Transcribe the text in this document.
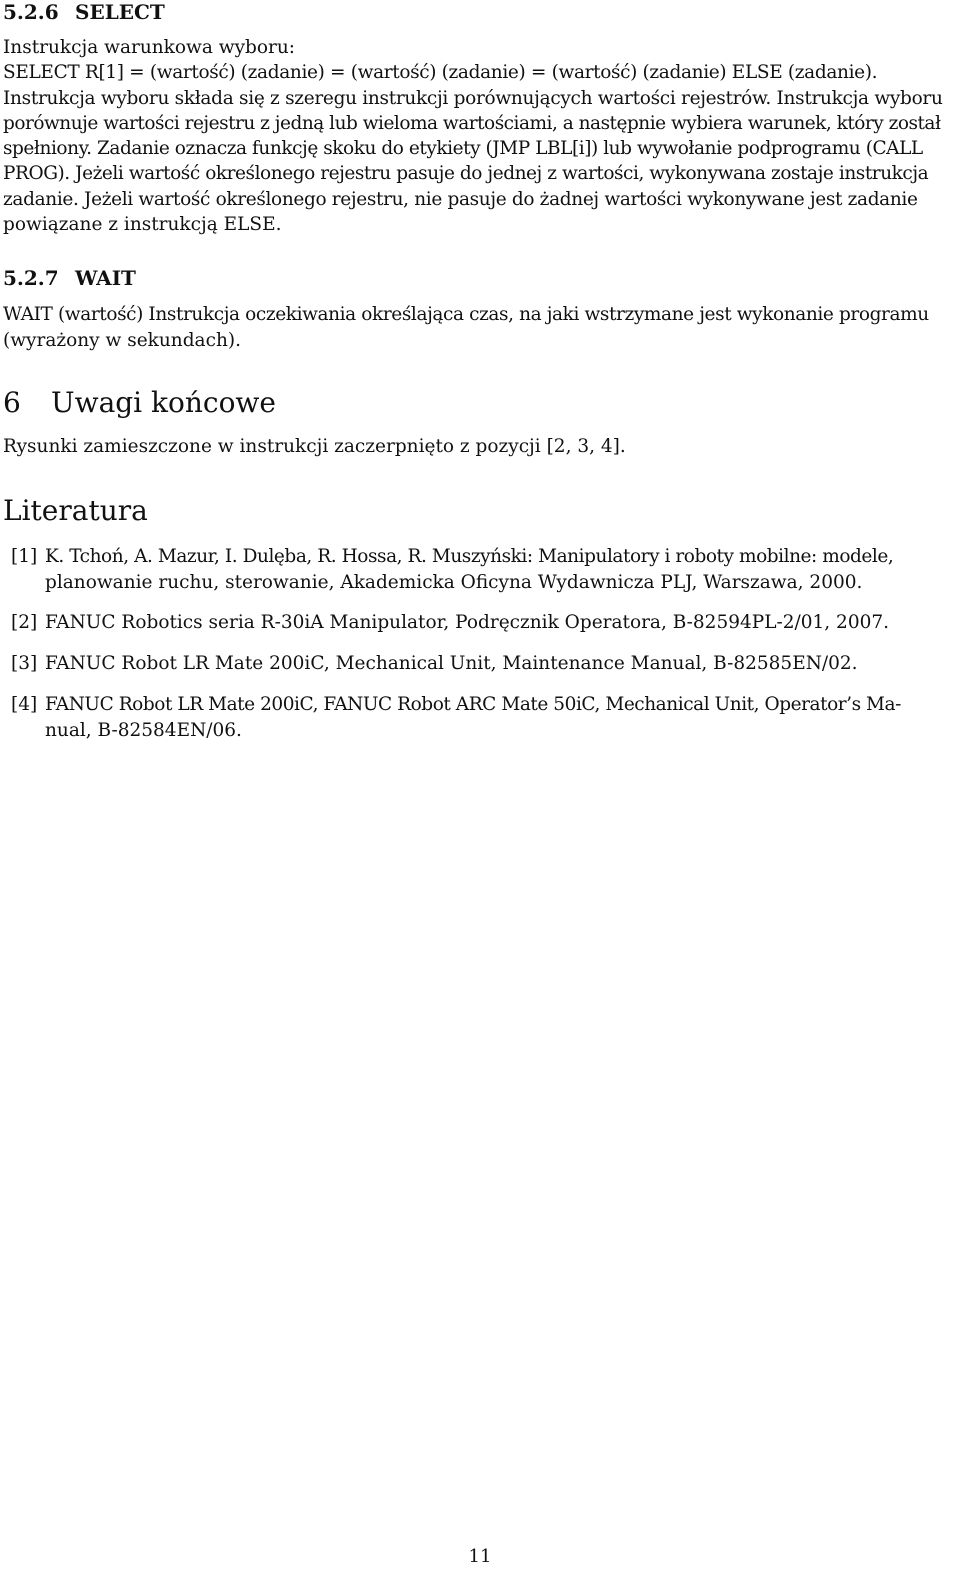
5.2.6 SELECT
Instrukcja warunkowa wyboru:
SELECT R[1] = (wartość) (zadanie) = (wartość) (zadanie) = (wartość) (zadanie) ELSE (zadanie).
Instrukcja wyboru składa się z szeregu instrukcji porównujących wartości rejestrów. Instrukcja wyboru
porównuje wartości rejestru z jedną lub wieloma wartościami, a następnie wybiera warunek, który został
spełniony. Zadanie oznacza funkcję skoku do etykiety (JMP LBL[i]) lub wywołanie podprogramu (CALL
PROG). Jeżeli wartość określonego rejestru pasuje do jednej z wartości, wykonywana zostaje instrukcja
zadanie. Jeżeli wartość określonego rejestru, nie pasuje do żadnej wartości wykonywane jest zadanie
powiązane z instrukcją ELSE.
5.2.7 WAIT
WAIT (wartość) Instrukcja oczekiwania określająca czas, na jaki wstrzymane jest wykonanie programu
(wyrażony w sekundach).
6 Uwagi końcowe
Rysunki zamieszczone w instrukcji zaczerpnięto z pozycji [2, 3, 4].
Literatura
[1] K. Tchoń, A. Mazur, I. Dulęba, R. Hossa, R. Muszyński: Manipulatory i roboty mobilne: modele,
planowanie ruchu, sterowanie, Akademicka Oficyna Wydawnicza PLJ, Warszawa, 2000.
[2] FANUC Robotics seria R-30iA Manipulator, Podręcznik Operatora, B-82594PL-2/01, 2007.
[3] FANUC Robot LR Mate 200iC, Mechanical Unit, Maintenance Manual, B-82585EN/02.
[4] FANUC Robot LR Mate 200iC, FANUC Robot ARC Mate 50iC, Mechanical Unit, Operator’s Ma-
nual, B-82584EN/06.
11
